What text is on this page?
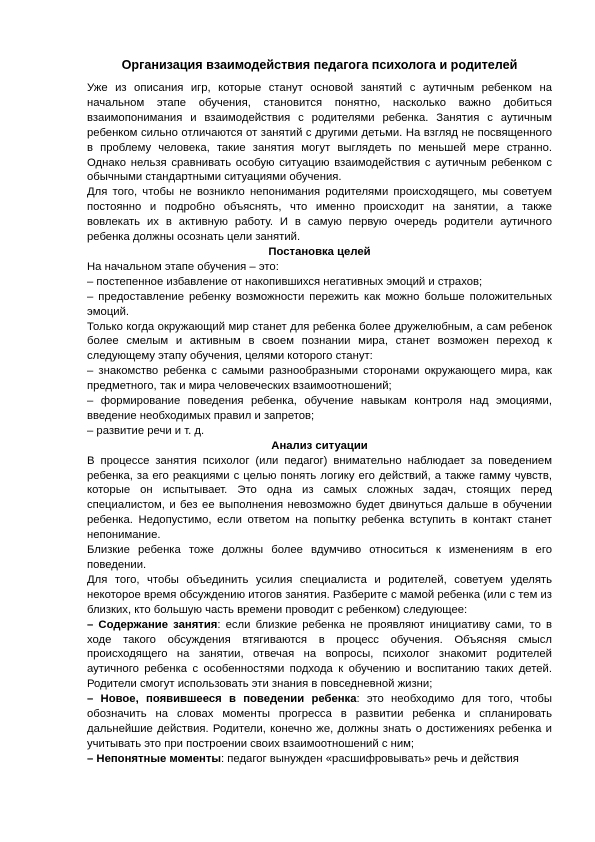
Организация взаимодействия педагога психолога и родителей

Уже из описания игр, которые станут основой занятий с аутичным ребенком на начальном этапе обучения, становится понятно, насколько важно добиться взаимопонимания и взаимодействия с родителями ребенка. Занятия с аутичным ребенком сильно отличаются от занятий с другими детьми. На взгляд не посвященного в проблему человека, такие занятия могут выглядеть по меньшей мере странно. Однако нельзя сравнивать особую ситуацию взаимодействия с аутичным ребенком с обычными стандартными ситуациями обучения.

Для того, чтобы не возникло непонимания родителями происходящего, мы советуем постоянно и подробно объяснять, что именно происходит на занятии, а также вовлекать их в активную работу. И в самую первую очередь родители аутичного ребенка должны осознать цели занятий.

Постановка целей

На начальном этапе обучения – это:

– постепенное избавление от накопившихся негативных эмоций и страхов;

– предоставление ребенку возможности пережить как можно больше положительных эмоций.

Только когда окружающий мир станет для ребенка более дружелюбным, а сам ребенок более смелым и активным в своем познании мира, станет возможен переход к следующему этапу обучения, целями которого станут:

– знакомство ребенка с самыми разнообразными сторонами окружающего мира, как предметного, так и мира человеческих взаимоотношений;

– формирование поведения ребенка, обучение навыкам контроля над эмоциями, введение необходимых правил и запретов;

– развитие речи и т. д.

Анализ ситуации

В процессе занятия психолог (или педагог) внимательно наблюдает за поведением ребенка, за его реакциями с целью понять логику его действий, а также гамму чувств, которые он испытывает. Это одна из самых сложных задач, стоящих перед специалистом, и без ее выполнения невозможно будет двинуться дальше в обучении ребенка. Недопустимо, если ответом на попытку ребенка вступить в контакт станет непонимание.

Близкие ребенка тоже должны более вдумчиво относиться к изменениям в его поведении.

Для того, чтобы объединить усилия специалиста и родителей, советуем уделять некоторое время обсуждению итогов занятия. Разберите с мамой ребенка (или с тем из близких, кто большую часть времени проводит с ребенком) следующее:

– Содержание занятия: если близкие ребенка не проявляют инициативу сами, то в ходе такого обсуждения втягиваются в процесс обучения. Объясняя смысл происходящего на занятии, отвечая на вопросы, психолог знакомит родителей аутичного ребенка с особенностями подхода к обучению и воспитанию таких детей. Родители смогут использовать эти знания в повседневной жизни;

– Новое, появившееся в поведении ребенка: это необходимо для того, чтобы обозначить на словах моменты прогресса в развитии ребенка и спланировать дальнейшие действия. Родители, конечно же, должны знать о достижениях ребенка и учитывать это при построении своих взаимоотношений с ним;

– Непонятные моменты: педагог вынужден «расшифровывать» речь и действия
